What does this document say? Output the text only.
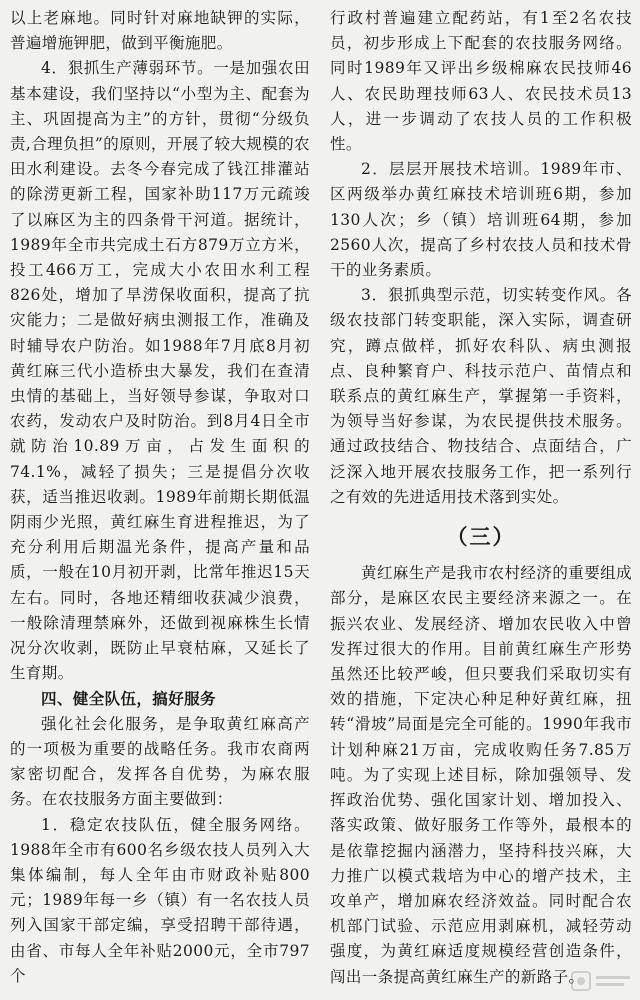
以上老麻地。同时针对麻地缺钾的实际，普遍增施钾肥，做到平衡施肥。

4．狠抓生产薄弱环节。一是加强农田基本建设，我们坚持以“小型为主、配套为主、巩固提高为主”的方针，贯彻“分级负责,合理负担”的原则，开展了较大规模的农田水利建设。去冬今春完成了钱江排灌站的除涝更新工程，国家补助117万元疏竣了以麻区为主的四条骨干河道。据统计，1989年全市共完成土石方879万立方米，投工466万工，完成大小农田水利工程826处，增加了旱涝保收面积，提高了抗灾能力；二是做好病虫测报工作，准确及时辅导农户防治。如1988年7月底8月初黄红麻三代小造桥虫大暴发，我们在查清虫情的基础上，当好领导参谋，争取对口农药，发动农户及时防治。到8月4日全市就防治10.89万亩，占发生面积的74.1%，减轻了损失；三是提倡分次收获，适当推迟收剥。1989年前期长期低温阴雨少光照，黄红麻生育进程推迟，为了充分利用后期温光条件，提高产量和品质，一般在10月初开剥，比常年推迟15天左右。同时，各地还精细收获减少浪费，一般除清理禁麻外，还做到视麻株生长情况分次收剥，既防止早衰枯麻，又延长了生育期。

四、健全队伍，搞好服务

强化社会化服务，是争取黄红麻高产的一项极为重要的战略任务。我市农商两家密切配合，发挥各自优势，为麻农服务。在农技服务方面主要做到：

1．稳定农技队伍，健全服务网络。1988年全市有600名乡级农技人员列入大集体编制，每人全年由市财政补贴800元；1989年每一乡（镇）有一名农技人员列入国家干部定编，享受招聘干部待遇，由省、市每人全年补贴2000元，全市797个

行政村普遍建立配药站，有1至2名农技员，初步形成上下配套的农技服务网络。同时1989年又评出乡级棉麻农民技师46人、农民助理技师63人、农民技术员13人，进一步调动了农技人员的工作积极性。

2．层层开展技术培训。1989年市、区两级举办黄红麻技术培训班6期，参加130人次；乡（镇）培训班64期，参加2560人次，提高了乡村农技人员和技术骨干的业务素质。

3．狠抓典型示范，切实转变作风。各级农技部门转变职能，深入实际，调查研究，蹲点做样，抓好农科队、病虫测报点、良种繁育户、科技示范户、苗情点和联系点的黄红麻生产，掌握第一手资料，为领导当好参谋，为农民提供技术服务。通过政技结合、物技结合、点面结合，广泛深入地开展农技服务工作，把一系列行之有效的先进适用技术落到实处。

（三）

黄红麻生产是我市农村经济的重要组成部分，是麻区农民主要经济来源之一。在振兴农业、发展经济、增加农民收入中曾发挥过很大的作用。目前黄红麻生产形势虽然还比较严峻，但只要我们采取切实有效的措施，下定决心种足种好黄红麻，扭转“滑坡”局面是完全可能的。1990年我市计划种麻21万亩，完成收购任务7.85万吨。为了实现上述目标，除加强领导、发挥政治优势、强化国家计划、增加投入、落实政策、做好服务工作等外，最根本的是依靠挖掘内涵潜力，坚持科技兴麻，大力推广以模式栽培为中心的增产技术，主攻单产，增加麻农经济效益。同时配合农机部门试验、示范应用剥麻机，减轻劳动强度，为黄红麻适度规模经营创造条件，闯出一条提高黄红麻生产的新路子。
